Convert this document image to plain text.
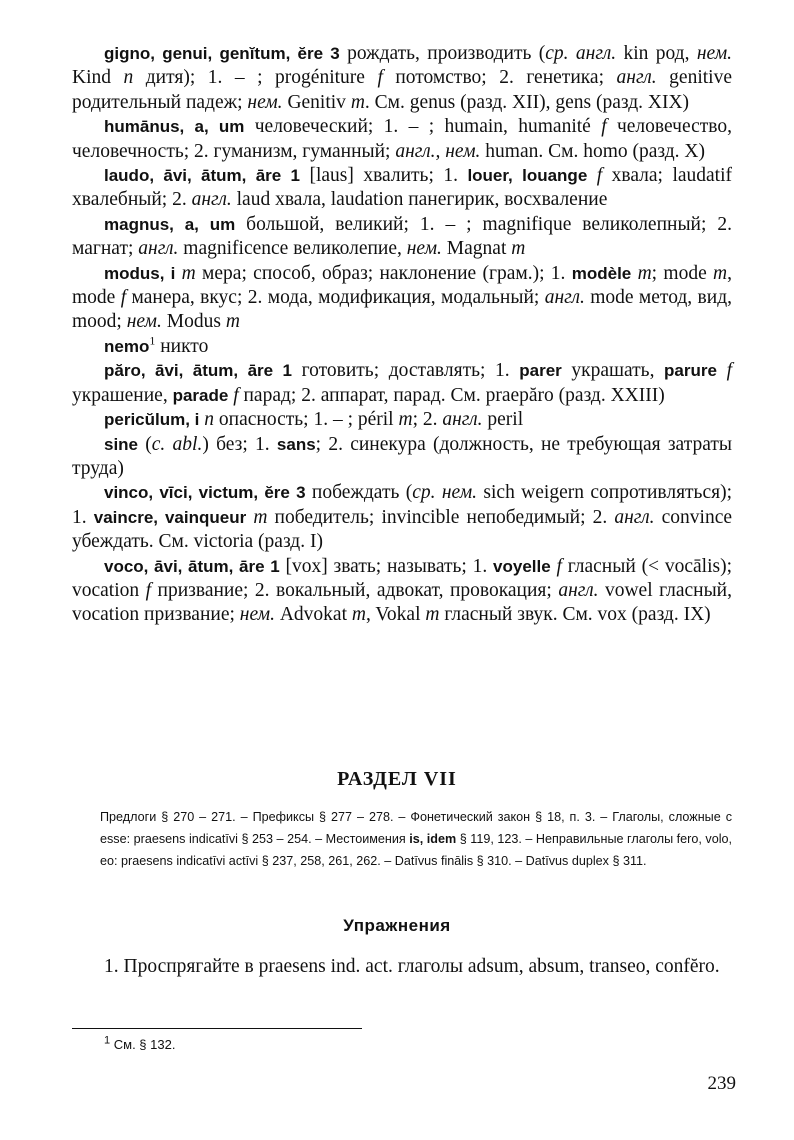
gigno, genui, genĭtum, ĕre 3 рождать, производить (ср. англ. kin род, нем. Kind n дитя); 1. – ; progéniture f потомство; 2. генетика; англ. genitive родительный падеж; нем. Genitiv m. См. genus (разд. XII), gens (разд. XIX)

humānus, a, um человеческий; 1. – ; humain, humanité f человечество, человечность; 2. гуманизм, гуманный; англ., нем. human. См. homo (разд. X)

laudo, āvi, ātum, āre 1 [laus] хвалить; 1. louer, louange f хвала; laudatif хвалебный; 2. англ. laud хвала, laudation панегирик, восхваление

magnus, a, um большой, великий; 1. – ; magnifique великолепный; 2. магнат; англ. magnificence великолепие, нем. Magnat m

modus, i m мера; способ, образ; наклонение (грам.); 1. modèle m; mode m, mode f манера, вкус; 2. мода, модификация, модальный; англ. mode метод, вид, mood; нем. Modus m

nemo$^1$ никто

păro, āvi, ātum, āre 1 готовить; доставлять; 1. parer украшать, parure f украшение, parade f парад; 2. аппарат, парад. См. praepăro (разд. XXIII)

pericŭlum, i n опасность; 1. – ; péril m; 2. англ. peril

sine (с. abl.) без; 1. sans; 2. синекура (должность, не требующая затраты труда)

vinco, vīci, victum, ĕre 3 побеждать (ср. нем. sich weigern сопротивляться); 1. vaincre, vainqueur m победитель; invincible непобедимый; 2. англ. convince убеждать. См. victoria (разд. I)

voco, āvi, ātum, āre 1 [vox] звать; называть; 1. voyelle f гласный (< vocālis); vocation f призвание; 2. вокальный, адвокат, провокация; англ. vowel гласный, vocation призвание; нем. Advokat m, Vokal m гласный звук. См. vox (разд. IX)

РАЗДЕЛ VII

Предлоги § 270 – 271. – Префиксы § 277 – 278. – Фонетический закон § 18, п. 3. – Глаголы, сложные с esse: praesens indicatīvi § 253 – 254. – Местоимения is, idem § 119, 123. – Неправильные глаголы fero, volo, eo: praesens indicatīvi actīvi § 237, 258, 261, 262. – Datīvus finālis § 310. – Datīvus duplex § 311.

Упражнения

1. Проспрягайте в praesens ind. act. глаголы adsum, absum, transeo, confĕro.

$^1$ См. § 132.

239
